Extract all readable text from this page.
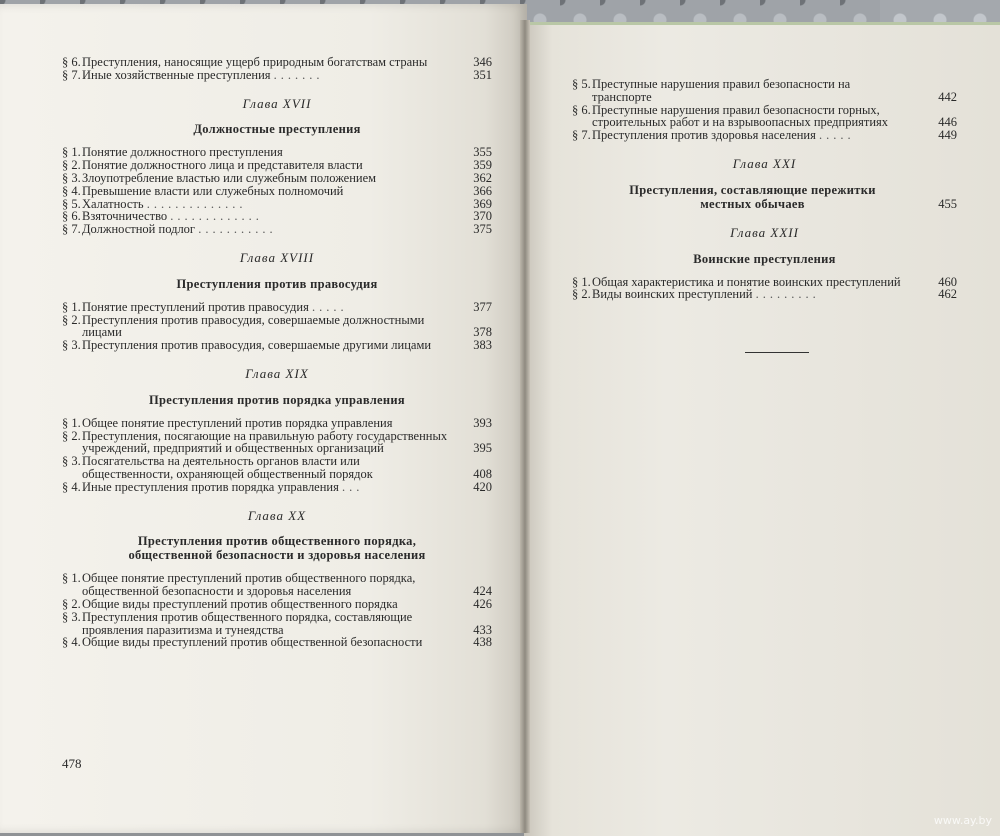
§ 6. Преступления, наносящие ущерб природным богатствам страны	346
§ 7. Иные хозяйственные преступления .......	351
Глава XVII
Должностные преступления
§ 1. Понятие должностного преступления	355
§ 2. Понятие должностного лица и представителя власти	359
§ 3. Злоупотребление властью или служебным положением	362
§ 4. Превышение власти или служебных полномочий	366
§ 5. Халатность ..............	369
§ 6. Взяточничество .............	370
§ 7. Должностной подлог ...........	375
Глава XVIII
Преступления против правосудия
§ 1. Понятие преступлений против правосудия .....	377
§ 2. Преступления против правосудия, совершаемые должностными лицами	378
§ 3. Преступления против правосудия, совершаемые другими лицами	383
Глава XIX
Преступления против порядка управления
§ 1. Общее понятие преступлений против порядка управления	393
§ 2. Преступления, посягающие на правильную работу государственных учреждений, предприятий и общественных организаций	395
§ 3. Посягательства на деятельность органов власти или общественности, охраняющей общественный порядок	408
§ 4. Иные преступления против порядка управления ...	420
Глава XX
Преступления против общественного порядка,
общественной безопасности и здоровья населения
§ 1. Общее понятие преступлений против общественного порядка, общественной безопасности и здоровья населения	424
§ 2. Общие виды преступлений против общественного порядка	426
§ 3. Преступления против общественного порядка, составляющие проявления паразитизма и тунеядства	433
§ 4. Общие виды преступлений против общественной безопасности	438
478
§ 5. Преступные нарушения правил безопасности на транспорте	442
§ 6. Преступные нарушения правил безопасности горных, строительных работ и на взрывоопасных предприятиях	446
§ 7. Преступления против здоровья населения .....	449
Глава XXI
Преступления, составляющие пережитки
местных обычаев	455
Глава XXII
Воинские преступления
§ 1. Общая характеристика и понятие воинских преступлений	460
§ 2. Виды воинских преступлений .........	462
www.ay.by
